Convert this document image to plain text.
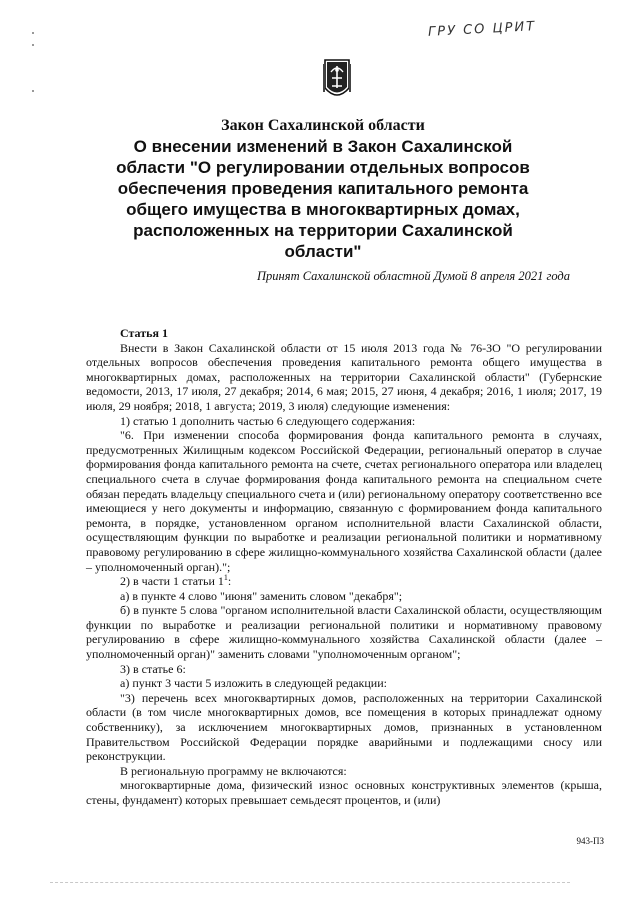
ГРУ СО ЦРИТ
Закон Сахалинской области
О внесении изменений в Закон Сахалинской области "О регулировании отдельных вопросов обеспечения проведения капитального ремонта общего имущества в многоквартирных домах, расположенных на территории Сахалинской области"
Принят Сахалинской областной Думой 8 апреля 2021 года

Статья 1

Внести в Закон Сахалинской области от 15 июля 2013 года № 76-ЗО "О регулировании отдельных вопросов обеспечения проведения капитального ремонта общего имущества в многоквартирных домах, расположенных на территории Сахалинской области" (Губернские ведомости, 2013, 17 июля, 27 декабря; 2014, 6 мая; 2015, 27 июня, 4 декабря; 2016, 1 июля; 2017, 19 июля, 29 ноября; 2018, 1 августа; 2019, 3 июля) следующие изменения:

1) статью 1 дополнить частью 6 следующего содержания:

"6. При изменении способа формирования фонда капитального ремонта в случаях, предусмотренных Жилищным кодексом Российской Федерации, региональный оператор в случае формирования фонда капитального ремонта на счете, счетах регионального оператора или владелец специального счета в случае формирования фонда капитального ремонта на специальном счете обязан передать владельцу специального счета и (или) региональному оператору соответственно все имеющиеся у него документы и информацию, связанную с формированием фонда капитального ремонта, в порядке, установленном органом исполнительной власти Сахалинской области, осуществляющим функции по выработке и реализации региональной политики и нормативному правовому регулированию в сфере жилищно-коммунального хозяйства Сахалинской области (далее – уполномоченный орган).";

2) в части 1 статьи $1^1$:

а) в пункте 4 слово "июня" заменить словом "декабря";

б) в пункте 5 слова "органом исполнительной власти Сахалинской области, осуществляющим функции по выработке и реализации региональной политики и нормативному правовому регулированию в сфере жилищно-коммунального хозяйства Сахалинской области (далее – уполномоченный орган)" заменить словами "уполномоченным органом";

3) в статье 6:

а) пункт 3 части 5 изложить в следующей редакции:

"3) перечень всех многоквартирных домов, расположенных на территории Сахалинской области (в том числе многоквартирных домов, все помещения в которых принадлежат одному собственнику), за исключением многоквартирных домов, признанных в установленном Правительством Российской Федерации порядке аварийными и подлежащими сносу или реконструкции.

В региональную программу не включаются:

многоквартирные дома, физический износ основных конструктивных элементов (крыша, стены, фундамент) которых превышает семьдесят процентов, и (или)

943-ПЗ
